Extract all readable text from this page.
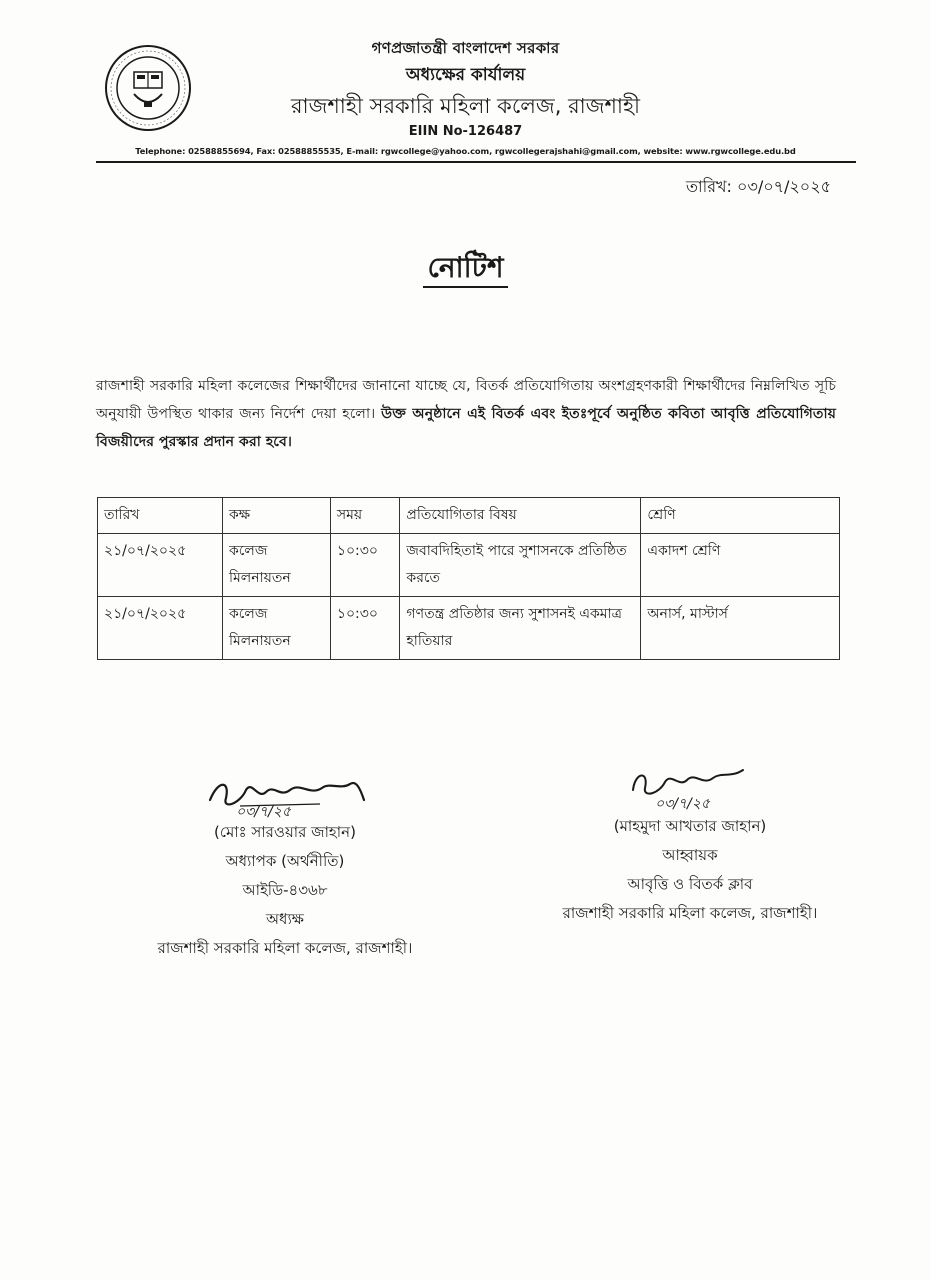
গণপ্রজাতন্ত্রী বাংলাদেশ সরকার
অধ্যক্ষের কার্যালয়
রাজশাহী সরকারি মহিলা কলেজ, রাজশাহী
EIIN No-126487
Telephone: 02588855694, Fax: 02588855535, E-mail: rgwcollege@yahoo.com, rgwcollegerajshahi@gmail.com, website: www.rgwcollege.edu.bd
তারিখ: ০৩/০৭/২০২৫
নোটিশ
রাজশাহী সরকারি মহিলা কলেজের শিক্ষার্থীদের জানানো যাচ্ছে যে, বিতর্ক প্রতিযোগিতায় অংশগ্রহণকারী শিক্ষার্থীদের নিম্নলিখিত সূচি অনুযায়ী উপস্থিত থাকার জন্য নির্দেশ দেয়া হলো। উক্ত অনুষ্ঠানে এই বিতর্ক এবং ইতঃপূর্বে অনুষ্ঠিত কবিতা আবৃত্তি প্রতিযোগিতায় বিজয়ীদের পুরস্কার প্রদান করা হবে।
তারিখ	কক্ষ	সময়	প্রতিযোগিতার বিষয়	শ্রেণি
২১/০৭/২০২৫	কলেজ মিলনায়তন	১০:৩০	জবাবদিহিতাই পারে সুশাসনকে প্রতিষ্ঠিত করতে	একাদশ শ্রেণি
২১/০৭/২০২৫	কলেজ মিলনায়তন	১০:৩০	গণতন্ত্র প্রতিষ্ঠার জন্য সুশাসনই একমাত্র হাতিয়ার	অনার্স, মাস্টার্স
০৩/৭/২৫
(মোঃ সারওয়ার জাহান)
অধ্যাপক (অর্থনীতি)
আইডি-৪৩৬৮
অধ্যক্ষ
রাজশাহী সরকারি মহিলা কলেজ, রাজশাহী।
০৩/৭/২৫
(মাহমুদা আখতার জাহান)
আহ্বায়ক
আবৃত্তি ও বিতর্ক ক্লাব
রাজশাহী সরকারি মহিলা কলেজ, রাজশাহী।
